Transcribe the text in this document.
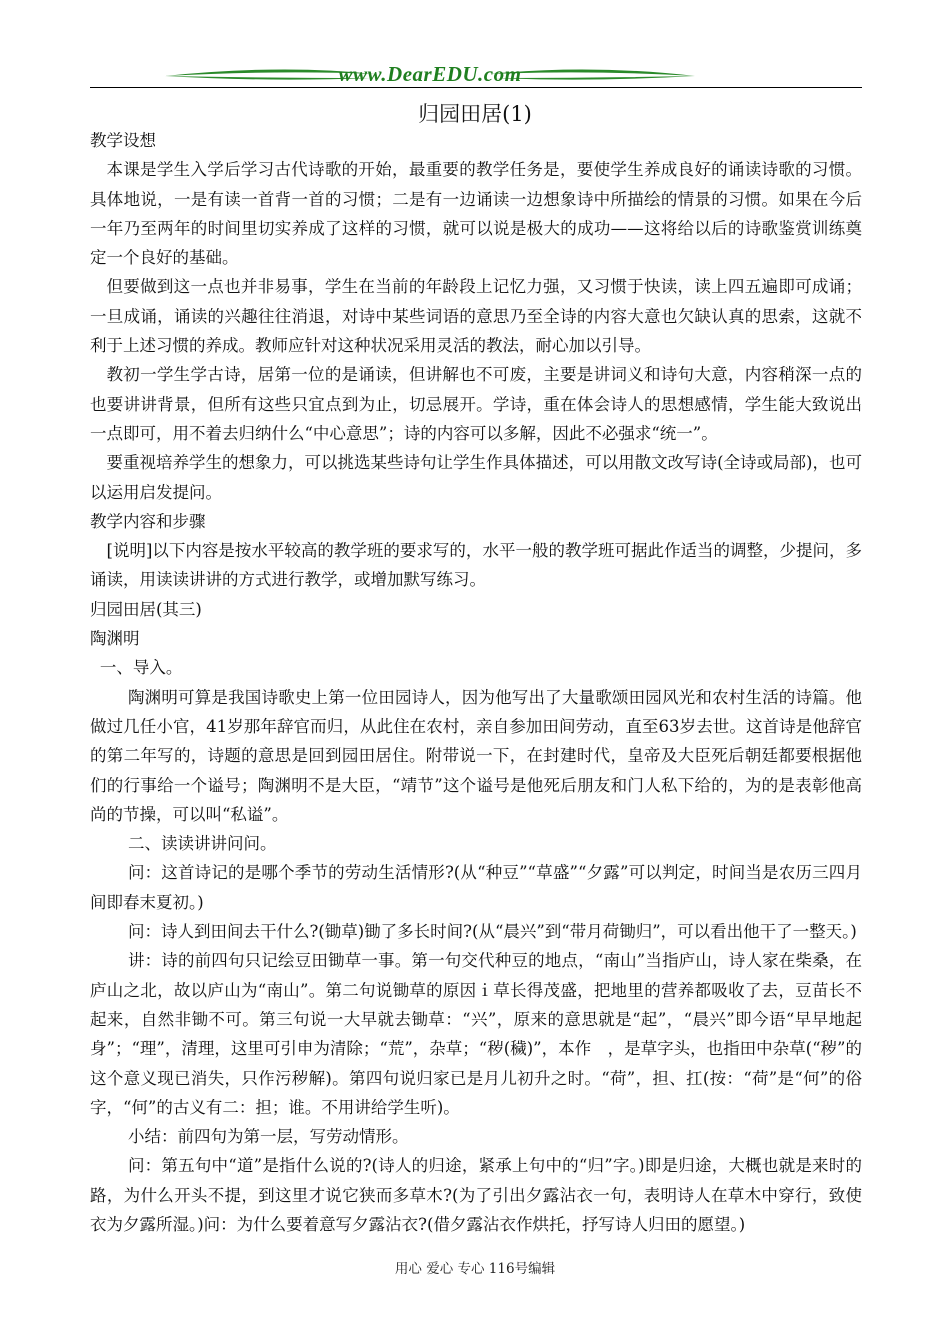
www.DearEDU.com
归园田居(1)

教学设想

本课是学生入学后学习古代诗歌的开始，最重要的教学任务是，要使学生养成良好的诵读诗歌的习惯。具体地说，一是有读一首背一首的习惯；二是有一边诵读一边想象诗中所描绘的情景的习惯。如果在今后一年乃至两年的时间里切实养成了这样的习惯，就可以说是极大的成功——这将给以后的诗歌鉴赏训练奠定一个良好的基础。

但要做到这一点也并非易事，学生在当前的年龄段上记忆力强，又习惯于快读，读上四五遍即可成诵；一旦成诵，诵读的兴趣往往消退，对诗中某些词语的意思乃至全诗的内容大意也欠缺认真的思索，这就不利于上述习惯的养成。教师应针对这种状况采用灵活的教法，耐心加以引导。

教初一学生学古诗，居第一位的是诵读，但讲解也不可废，主要是讲词义和诗句大意，内容稍深一点的也要讲讲背景，但所有这些只宜点到为止，切忌展开。学诗，重在体会诗人的思想感情，学生能大致说出一点即可，用不着去归纳什么“中心意思”；诗的内容可以多解，因此不必强求“统一”。

要重视培养学生的想象力，可以挑选某些诗句让学生作具体描述，可以用散文改写诗(全诗或局部)，也可以运用启发提问。

教学内容和步骤

[说明]以下内容是按水平较高的教学班的要求写的，水平一般的教学班可据此作适当的调整，少提问，多诵读，用读读讲讲的方式进行教学，或增加默写练习。

归园田居(其三)

陶渊明

一、导入。

陶渊明可算是我国诗歌史上第一位田园诗人，因为他写出了大量歌颂田园风光和农村生活的诗篇。他做过几任小官，41岁那年辞官而归，从此住在农村，亲自参加田间劳动，直至63岁去世。这首诗是他辞官的第二年写的，诗题的意思是回到园田居住。附带说一下，在封建时代，皇帝及大臣死后朝廷都要根据他们的行事给一个谥号；陶渊明不是大臣，“靖节”这个谥号是他死后朋友和门人私下给的，为的是表彰他高尚的节操，可以叫“私谥”。

二、读读讲讲问问。

问：这首诗记的是哪个季节的劳动生活情形?(从“种豆”“草盛”“夕露”可以判定，时间当是农历三四月间即春末夏初。)

问：诗人到田间去干什么?(锄草)锄了多长时间?(从“晨兴”到“带月荷锄归”，可以看出他干了一整天。)

讲：诗的前四句只记绘豆田锄草一事。第一句交代种豆的地点，“南山”当指庐山，诗人家在柴桑，在庐山之北，故以庐山为“南山”。第二句说锄草的原因ｉ草长得茂盛，把地里的营养都吸收了去，豆苗长不起来，自然非锄不可。第三句说一大早就去锄草：“兴”，原来的意思就是“起”，“晨兴”即今语“早早地起身”；“理”，清理，这里可引申为清除；“荒”，杂草；“秽(穢)”，本作　，是草字头，也指田中杂草(“秽”的这个意义现已消失，只作污秽解)。第四句说归家已是月儿初升之时。“荷”，担、扛(按：“荷”是“何”的俗字，“何”的古义有二：担；谁。不用讲给学生听)。

小结：前四句为第一层，写劳动情形。

问：第五句中“道”是指什么说的?(诗人的归途，紧承上句中的“归”字。)即是归途，大概也就是来时的路，为什么开头不提，到这里才说它狭而多草木?(为了引出夕露沾衣一句，表明诗人在草木中穿行，致使衣为夕露所湿。)问：为什么要着意写夕露沾衣?(借夕露沾衣作烘托，抒写诗人归田的愿望。)

用心 爱心 专心 116号编辑
